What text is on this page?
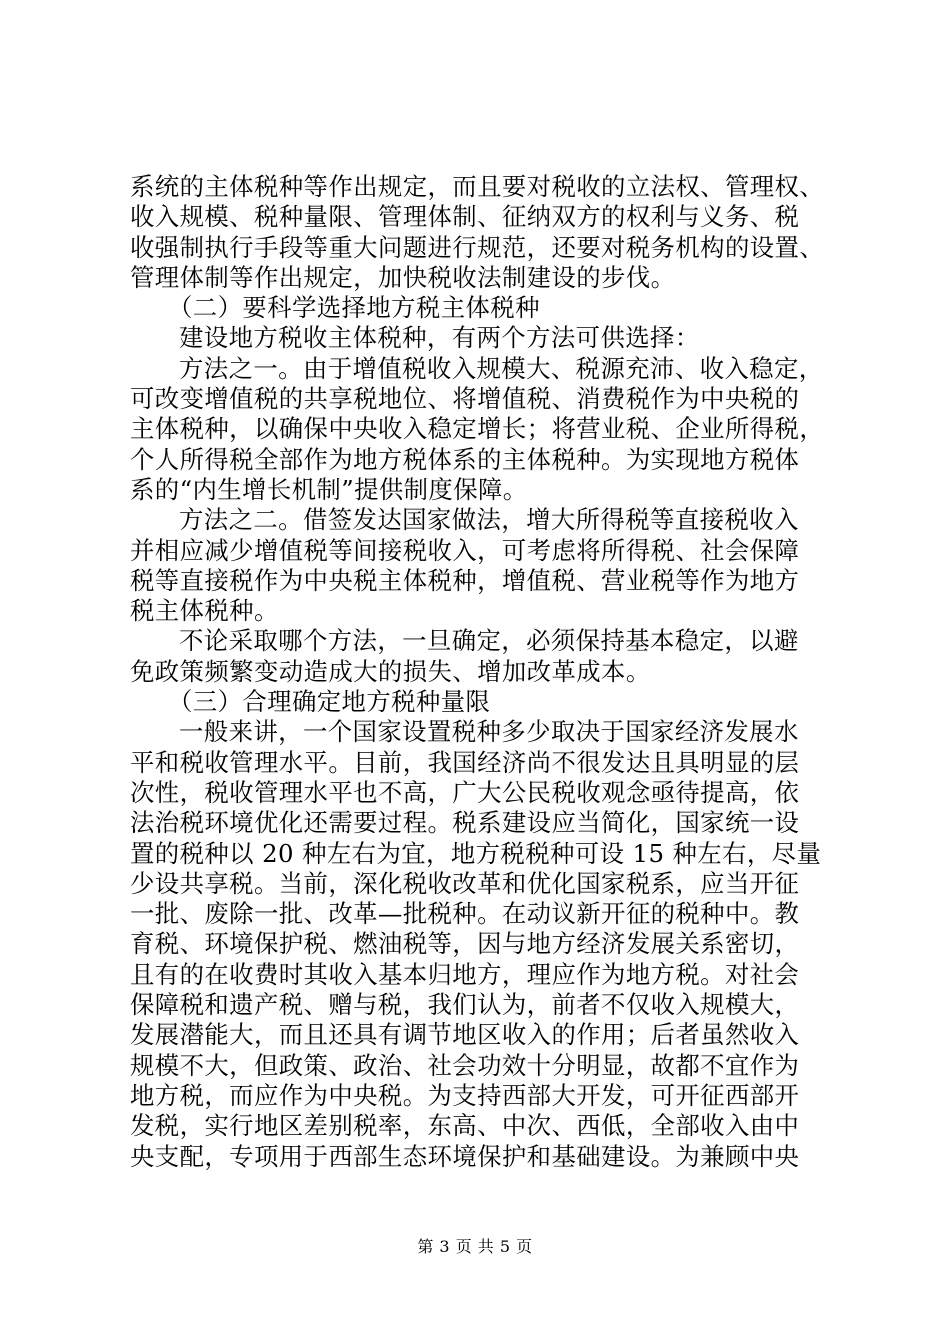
系统的主体税种等作出规定，而且要对税收的立法权、管理权、
收入规模、税种量限、管理体制、征纳双方的权利与义务、税
收强制执行手段等重大问题进行规范，还要对税务机构的设置、
管理体制等作出规定，加快税收法制建设的步伐。
（二）要科学选择地方税主体税种
建设地方税收主体税种，有两个方法可供选择：
方法之一。由于增值税收入规模大、税源充沛、收入稳定，
可改变增值税的共享税地位、将增值税、消费税作为中央税的
主体税种，以确保中央收入稳定增长；将营业税、企业所得税，
个人所得税全部作为地方税体系的主体税种。为实现地方税体
系的“内生增长机制”提供制度保障。
方法之二。借签发达国家做法，增大所得税等直接税收入
并相应减少增值税等间接税收入，可考虑将所得税、社会保障
税等直接税作为中央税主体税种，增值税、营业税等作为地方
税主体税种。
不论采取哪个方法，一旦确定，必须保持基本稳定，以避
免政策频繁变动造成大的损失、增加改革成本。
（三）合理确定地方税种量限
一般来讲，一个国家设置税种多少取决于国家经济发展水
平和税收管理水平。目前，我国经济尚不很发达且具明显的层
次性，税收管理水平也不高，广大公民税收观念亟待提高，依
法治税环境优化还需要过程。税系建设应当简化，国家统一设
置的税种以 20 种左右为宜，地方税税种可设 15 种左右，尽量
少设共享税。当前，深化税收改革和优化国家税系，应当开征
一批、废除一批、改革—批税种。在动议新开征的税种中。教
育税、环境保护税、燃油税等，因与地方经济发展关系密切，
且有的在收费时其收入基本归地方，理应作为地方税。对社会
保障税和遗产税、赠与税，我们认为，前者不仅收入规模大，
发展潜能大，而且还具有调节地区收入的作用；后者虽然收入
规模不大，但政策、政治、社会功效十分明显，故都不宜作为
地方税，而应作为中央税。为支持西部大开发，可开征西部开
发税，实行地区差别税率，东高、中次、西低，全部收入由中
央支配，专项用于西部生态环境保护和基础建设。为兼顾中央
第 3 页 共 5 页
